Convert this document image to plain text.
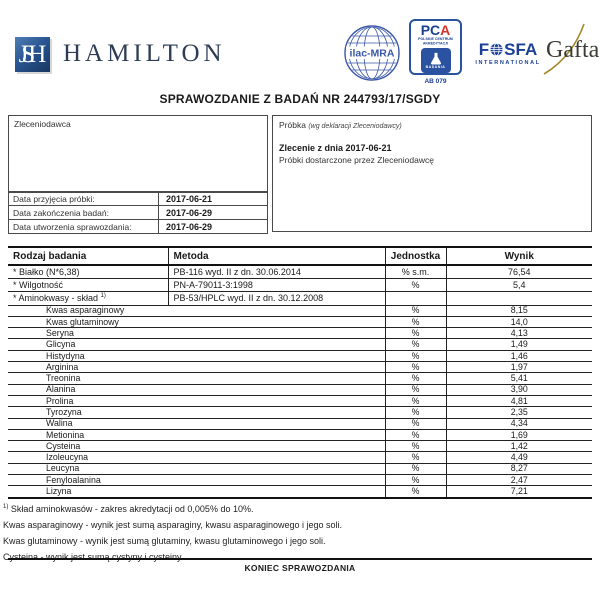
JSH HAMILTON	ilac-MRA
PCA
POLSKIE CENTRUM AKREDYTACJI
BADANIA
AB 079
F SFA
INTERNATIONAL Gafta
SPRAWOZDANIE Z BADAŃ NR 244793/17/SGDY
Zleceniodawca
Data przyjęcia próbki:	2017-06-21
Data zakończenia badań:	2017-06-29
Data utworzenia sprawozdania:	2017-06-29
Próbka (wg deklaracji Zleceniodawcy)
Zlecenie z dnia 2017-06-21
Próbki dostarczone przez Zleceniodawcę
Rodzaj badania	Metoda	Jednostka	Wynik
* Białko (N*6,38)	PB-116 wyd. II z dn. 30.06.2014	% s.m.	76,54
* Wilgotność	PN-A-79011-3:1998	%	5,4
* Aminokwasy - skład $^{1)}$	PB-53/HPLC wyd. II z dn. 30.12.2008		
Kwas asparaginowy		%	8,15
Kwas glutaminowy		%	14,0
Seryna		%	4,13
Glicyna		%	1,49
Histydyna		%	1,46
Arginina		%	1,97
Treonina		%	5,41
Alanina		%	3,90
Prolina		%	4,81
Tyrozyna		%	2,35
Walina		%	4,34
Metionina		%	1,69
Cysteina		%	1,42
Izoleucyna		%	4,49
Leucyna		%	8,27
Fenyloalanina		%	2,47
Lizyna		%	7,21
$^{1)}$ Skład aminokwasów - zakres akredytacji od 0,005% do 10%.
Kwas asparaginowy - wynik jest sumą asparaginy, kwasu asparaginowego i jego soli.
Kwas glutaminowy - wynik jest sumą glutaminy, kwasu glutaminowego i jego soli.
Cysteina - wynik jest sumą cystyny i cysteiny.
KONIEC SPRAWOZDANIA
